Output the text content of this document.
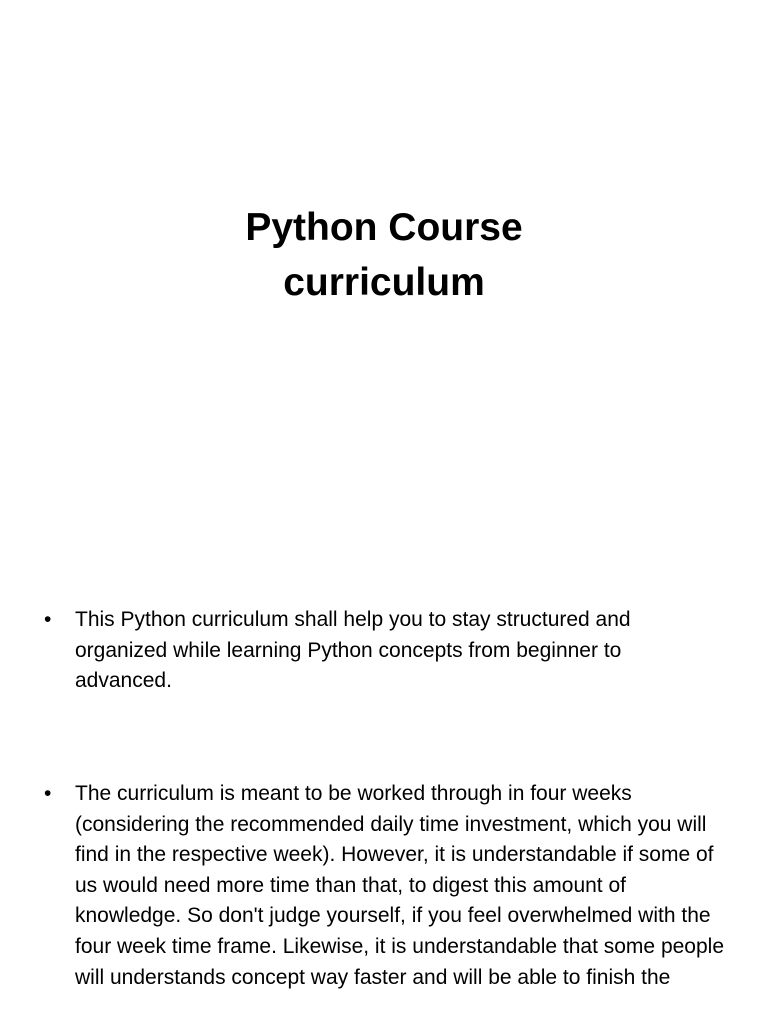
Python Course
curriculum
•	This Python curriculum shall help you to stay structured and organized while learning Python concepts from beginner to advanced.
•	The curriculum is meant to be worked through in four weeks (considering the recommended daily time investment, which you will find in the respective week). However, it is understandable if some of us would need more time than that, to digest this amount of knowledge. So don't judge yourself, if you feel overwhelmed with the four week time frame. Likewise, it is understandable that some people will understands concept way faster and will be able to finish the
